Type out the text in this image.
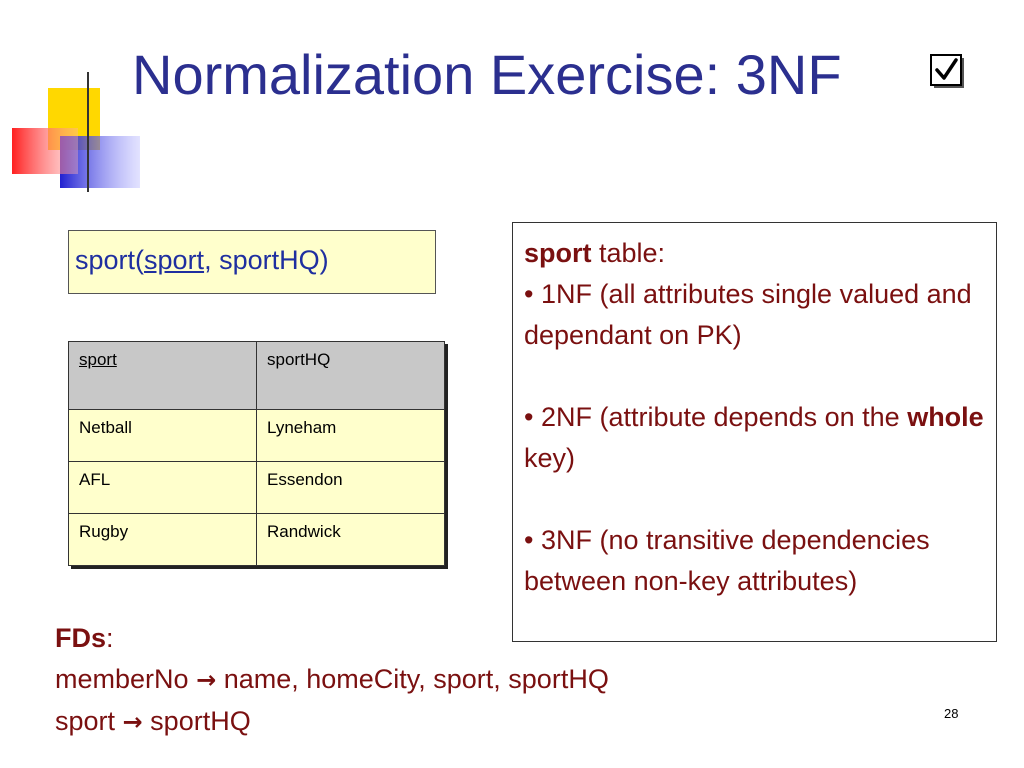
Normalization Exercise: 3NF
sport(sport, sportHQ)
sport	sportHQ
Netball	Lyneham
AFL	Essendon
Rugby	Randwick

sport table:

• 1NF (all attributes single valued and dependant on PK)

• 2NF (attribute depends on the whole key)

• 3NF (no transitive dependencies between non-key attributes)

FDs:
memberNo → name, homeCity, sport, sportHQ
sport → sportHQ	28
